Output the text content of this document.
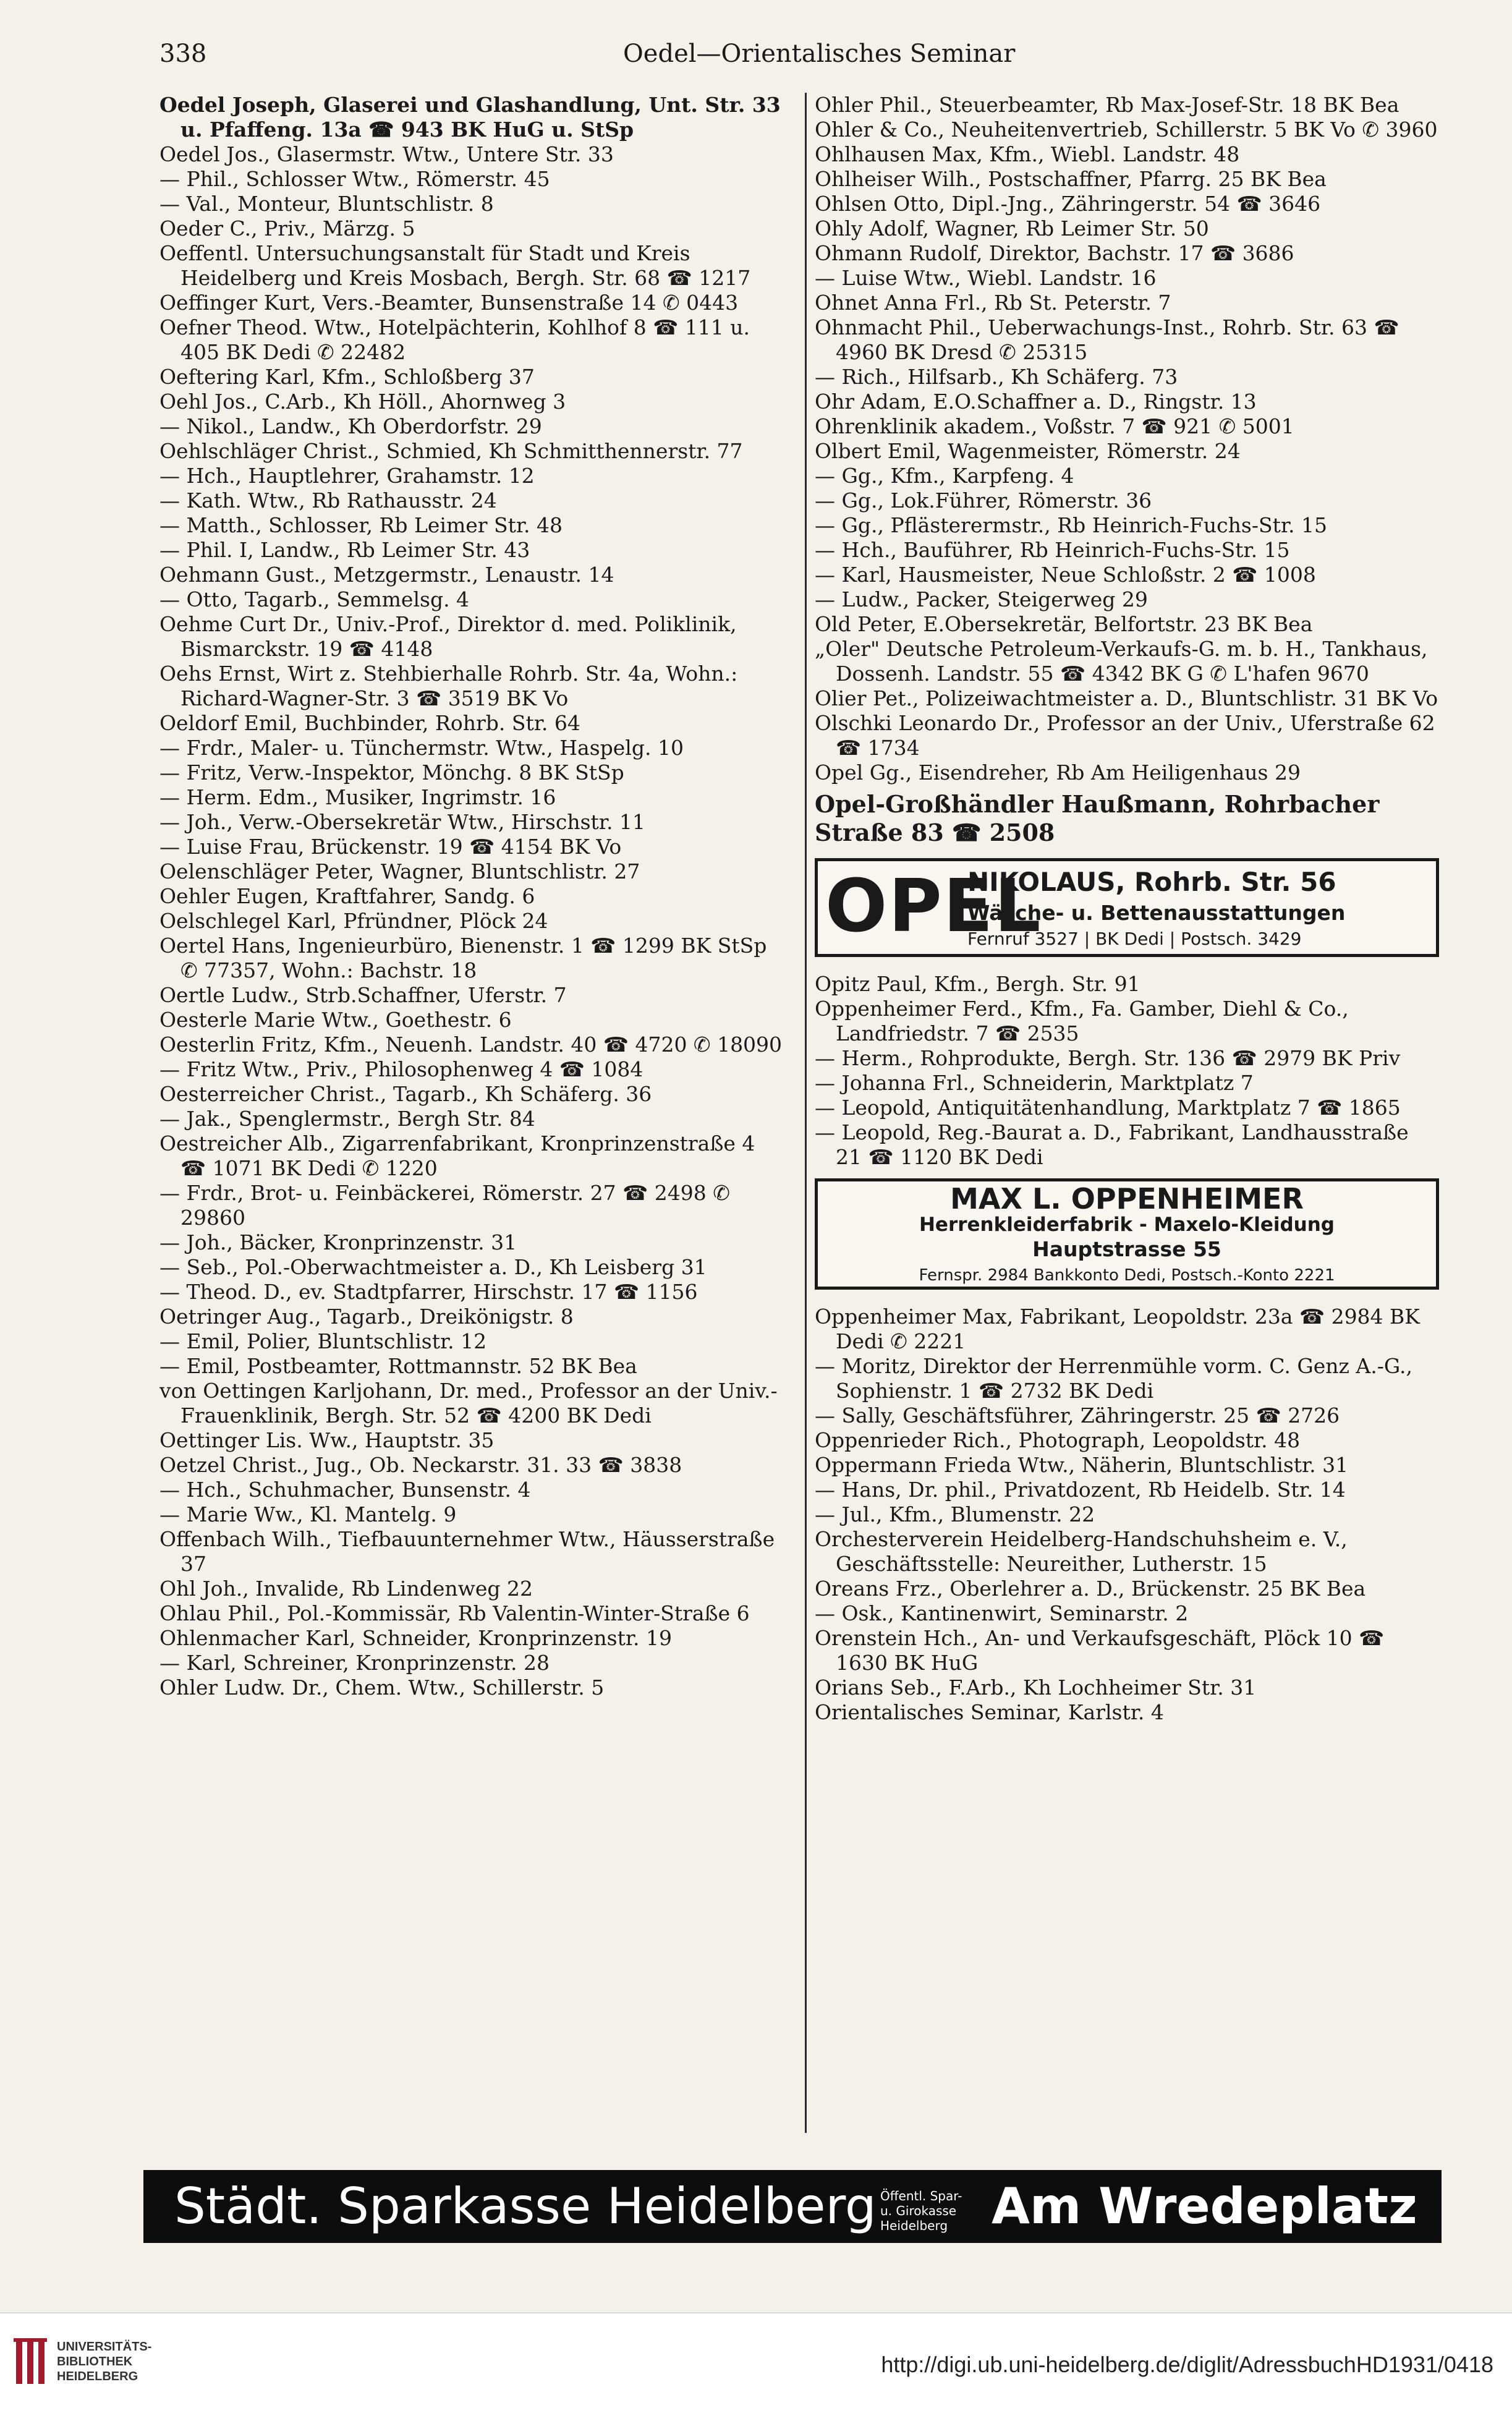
338	Oedel—Orientalisches Seminar

Oedel Joseph, Glaserei und Glashandlung, Unt. Str. 33 u. Pfaffeng. 13a ☎ 943 BK HuG u. StSp

Oedel Jos., Glasermstr. Wtw., Untere Str. 33

— Phil., Schlosser Wtw., Römerstr. 45

— Val., Monteur, Bluntschlistr. 8

Oeder C., Priv., Märzg. 5

Oeffentl. Untersuchungsanstalt für Stadt und Kreis Heidelberg und Kreis Mosbach, Bergh. Str. 68 ☎ 1217

Oeffinger Kurt, Vers.-Beamter, Bunsenstraße 14 ✆ 0443

Oefner Theod. Wtw., Hotelpächterin, Kohlhof 8 ☎ 111 u. 405 BK Dedi ✆ 22482

Oeftering Karl, Kfm., Schloßberg 37

Oehl Jos., C.Arb., Kh Höll., Ahornweg 3

— Nikol., Landw., Kh Oberdorfstr. 29

Oehlschläger Christ., Schmied, Kh Schmitthennerstr. 77

— Hch., Hauptlehrer, Grahamstr. 12

— Kath. Wtw., Rb Rathausstr. 24

— Matth., Schlosser, Rb Leimer Str. 48

— Phil. I, Landw., Rb Leimer Str. 43

Oehmann Gust., Metzgermstr., Lenaustr. 14

— Otto, Tagarb., Semmelsg. 4

Oehme Curt Dr., Univ.-Prof., Direktor d. med. Poliklinik, Bismarckstr. 19 ☎ 4148

Oehs Ernst, Wirt z. Stehbierhalle Rohrb. Str. 4a, Wohn.: Richard-Wagner-Str. 3 ☎ 3519 BK Vo

Oeldorf Emil, Buchbinder, Rohrb. Str. 64

— Frdr., Maler- u. Tünchermstr. Wtw., Haspelg. 10

— Fritz, Verw.-Inspektor, Mönchg. 8 BK StSp

— Herm. Edm., Musiker, Ingrimstr. 16

— Joh., Verw.-Obersekretär Wtw., Hirschstr. 11

— Luise Frau, Brückenstr. 19 ☎ 4154 BK Vo

Oelenschläger Peter, Wagner, Bluntschlistr. 27

Oehler Eugen, Kraftfahrer, Sandg. 6

Oelschlegel Karl, Pfründner, Plöck 24

Oertel Hans, Ingenieurbüro, Bienenstr. 1 ☎ 1299 BK StSp ✆ 77357, Wohn.: Bachstr. 18

Oertle Ludw., Strb.Schaffner, Uferstr. 7

Oesterle Marie Wtw., Goethestr. 6

Oesterlin Fritz, Kfm., Neuenh. Landstr. 40 ☎ 4720 ✆ 18090

— Fritz Wtw., Priv., Philosophenweg 4 ☎ 1084

Oesterreicher Christ., Tagarb., Kh Schäferg. 36

— Jak., Spenglermstr., Bergh Str. 84

Oestreicher Alb., Zigarrenfabrikant, Kronprinzenstraße 4 ☎ 1071 BK Dedi ✆ 1220

— Frdr., Brot- u. Feinbäckerei, Römerstr. 27 ☎ 2498 ✆ 29860

— Joh., Bäcker, Kronprinzenstr. 31

— Seb., Pol.-Oberwachtmeister a. D., Kh Leisberg 31

— Theod. D., ev. Stadtpfarrer, Hirschstr. 17 ☎ 1156

Oetringer Aug., Tagarb., Dreikönigstr. 8

— Emil, Polier, Bluntschlistr. 12

— Emil, Postbeamter, Rottmannstr. 52 BK Bea

von Oettingen Karljohann, Dr. med., Professor an der Univ.-Frauenklinik, Bergh. Str. 52 ☎ 4200 BK Dedi

Oettinger Lis. Ww., Hauptstr. 35

Oetzel Christ., Jug., Ob. Neckarstr. 31. 33 ☎ 3838

— Hch., Schuhmacher, Bunsenstr. 4

— Marie Ww., Kl. Mantelg. 9

Offenbach Wilh., Tiefbauunternehmer Wtw., Häusserstraße 37

Ohl Joh., Invalide, Rb Lindenweg 22

Ohlau Phil., Pol.-Kommissär, Rb Valentin-Winter-Straße 6

Ohlenmacher Karl, Schneider, Kronprinzenstr. 19

— Karl, Schreiner, Kronprinzenstr. 28

Ohler Ludw. Dr., Chem. Wtw., Schillerstr. 5

Ohler Phil., Steuerbeamter, Rb Max-Josef-Str. 18 BK Bea

Ohler & Co., Neuheitenvertrieb, Schillerstr. 5 BK Vo ✆ 3960

Ohlhausen Max, Kfm., Wiebl. Landstr. 48

Ohlheiser Wilh., Postschaffner, Pfarrg. 25 BK Bea

Ohlsen Otto, Dipl.-Jng., Zähringerstr. 54 ☎ 3646

Ohly Adolf, Wagner, Rb Leimer Str. 50

Ohmann Rudolf, Direktor, Bachstr. 17 ☎ 3686

— Luise Wtw., Wiebl. Landstr. 16

Ohnet Anna Frl., Rb St. Peterstr. 7

Ohnmacht Phil., Ueberwachungs-Inst., Rohrb. Str. 63 ☎ 4960 BK Dresd ✆ 25315

— Rich., Hilfsarb., Kh Schäferg. 73

Ohr Adam, E.O.Schaffner a. D., Ringstr. 13

Ohrenklinik akadem., Voßstr. 7 ☎ 921 ✆ 5001

Olbert Emil, Wagenmeister, Römerstr. 24

— Gg., Kfm., Karpfeng. 4

— Gg., Lok.Führer, Römerstr. 36

— Gg., Pflästerermstr., Rb Heinrich-Fuchs-Str. 15

— Hch., Bauführer, Rb Heinrich-Fuchs-Str. 15

— Karl, Hausmeister, Neue Schloßstr. 2 ☎ 1008

— Ludw., Packer, Steigerweg 29

Old Peter, E.Obersekretär, Belfortstr. 23 BK Bea

„Oler" Deutsche Petroleum-Verkaufs-G. m. b. H., Tankhaus, Dossenh. Landstr. 55 ☎ 4342 BK G ✆ L'hafen 9670

Olier Pet., Polizeiwachtmeister a. D., Bluntschlistr. 31 BK Vo

Olschki Leonardo Dr., Professor an der Univ., Uferstraße 62 ☎ 1734

Opel Gg., Eisendreher, Rb Am Heiligenhaus 29

Opel-Großhändler Haußmann, Rohrbacher Straße 83 ☎ 2508

OPEL
NIKOLAUS, Rohrb. Str. 56
Wäsche- u. Bettenausstattungen
Fernruf 3527 | BK Dedi | Postsch. 3429

Opitz Paul, Kfm., Bergh. Str. 91

Oppenheimer Ferd., Kfm., Fa. Gamber, Diehl & Co., Landfriedstr. 7 ☎ 2535

— Herm., Rohprodukte, Bergh. Str. 136 ☎ 2979 BK Priv

— Johanna Frl., Schneiderin, Marktplatz 7

— Leopold, Antiquitätenhandlung, Marktplatz 7 ☎ 1865

— Leopold, Reg.-Baurat a. D., Fabrikant, Landhausstraße 21 ☎ 1120 BK Dedi

MAX L. OPPENHEIMER
Herrenkleiderfabrik - Maxelo-Kleidung
Hauptstrasse 55
Fernspr. 2984 Bankkonto Dedi, Postsch.-Konto 2221

Oppenheimer Max, Fabrikant, Leopoldstr. 23a ☎ 2984 BK Dedi ✆ 2221

— Moritz, Direktor der Herrenmühle vorm. C. Genz A.-G., Sophienstr. 1 ☎ 2732 BK Dedi

— Sally, Geschäftsführer, Zähringerstr. 25 ☎ 2726

Oppenrieder Rich., Photograph, Leopoldstr. 48

Oppermann Frieda Wtw., Näherin, Bluntschlistr. 31

— Hans, Dr. phil., Privatdozent, Rb Heidelb. Str. 14

— Jul., Kfm., Blumenstr. 22

Orchesterverein Heidelberg-Handschuhsheim e. V., Geschäftsstelle: Neureither, Lutherstr. 15

Oreans Frz., Oberlehrer a. D., Brückenstr. 25 BK Bea

— Osk., Kantinenwirt, Seminarstr. 2

Orenstein Hch., An- und Verkaufsgeschäft, Plöck 10 ☎ 1630 BK HuG

Orians Seb., F.Arb., Kh Lochheimer Str. 31

Orientalisches Seminar, Karlstr. 4

Städt. Sparkasse Heidelberg Öffentl. Spar- u. Girokasse Heidelberg Am Wredeplatz
UNIVERSITÄTS-
BIBLIOTHEK
HEIDELBERG	http://digi.ub.uni-heidelberg.de/diglit/AdressbuchHD1931/0418
